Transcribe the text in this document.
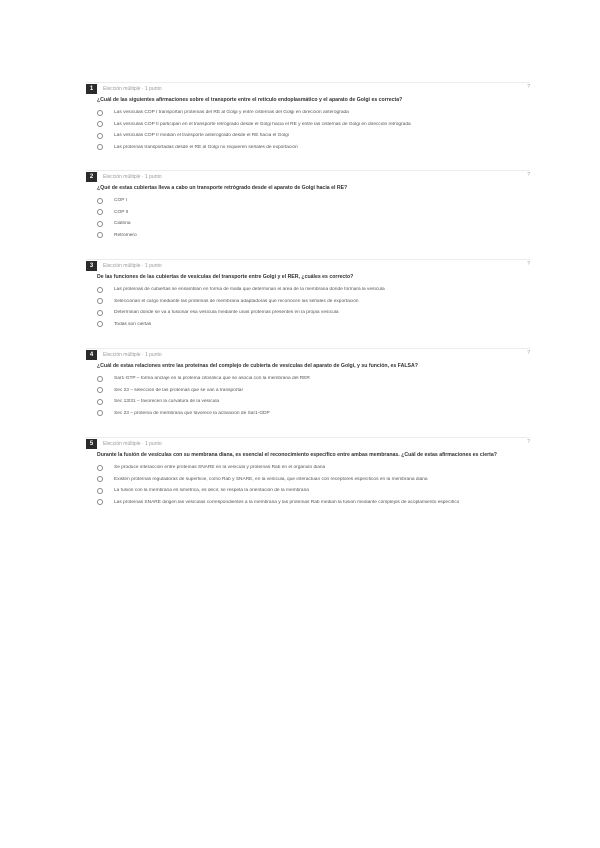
1	Elección múltiple · 1 punto	?
¿Cuál de las siguientes afirmaciones sobre el transporte entre el retículo endoplasmático y el aparato de Golgi es correcta?
Las vesículas COP I transportan proteínas del RE al Golgi y entre cisternas del Golgi en dirección anterógrada
Las vesículas COP II participan en el transporte retrógrado desde el Golgi hacia el RE y entre las cisternas de Golgi en dirección retrógrada
Las vesículas COP II median el transporte anterógrado desde el RE hacia el Golgi
Las proteínas transportadas desde el RE al Golgi no requieren señales de exportación
2	Elección múltiple · 1 punto	?
¿Qué de estas cubiertas lleva a cabo un transporte retrógrado desde el aparato de Golgi hacia el RE?
COP I
COP II
Clatrina
Retrómero
3	Elección múltiple · 1 punto	?
De las funciones de las cubiertas de vesículas del transporte entre Golgi y el RER, ¿cuáles es correcto?
Las proteínas de cubiertas se ensamblan en forma de malla que determinan el área de la membrana donde formará la vesícula
Seleccionan el cargo mediante las proteínas de membrana adaptadoras que reconocen las señales de exportación
Determinan dónde se va a fusionar esa vesícula mediante unas proteínas presentes en la propia vesícula
Todas son ciertas
4	Elección múltiple · 1 punto	?
¿Cuál de estas relaciones entre las proteínas del complejo de cubierta de vesículas del aparato de Golgi, y su función, es FALSA?
Sar1-GTP – forma anclaje en la proteína citosólica que se asocia con la membrana del RER
Sec 23 – selección de las proteínas que se van a transportar
Sec 13/31 – favorecen la curvatura de la vesícula
Sec 23 – proteína de membrana que favorece la activación de Sar1-GDP
5	Elección múltiple · 1 punto	?
Durante la fusión de vesículas con su membrana diana, es esencial el reconocimiento específico entre ambas membranas. ¿Cuál de estas afirmaciones es cierta?
Se produce interacción entre proteínas SNARE en la vesícula y proteínas Rab en el orgánulo diana
Existen proteínas reguladoras de superficie, como Rab y SNARE, en la vesícula, que interactúan con receptores específicos en la membrana diana
La fusión con la membrana es simétrica, es decir, se respeta la orientación de la membrana
Las proteínas SNARE dirigen las vesículas correspondientes a la membrana y las proteínas Rab median la fusión mediante complejos de acoplamiento específico
